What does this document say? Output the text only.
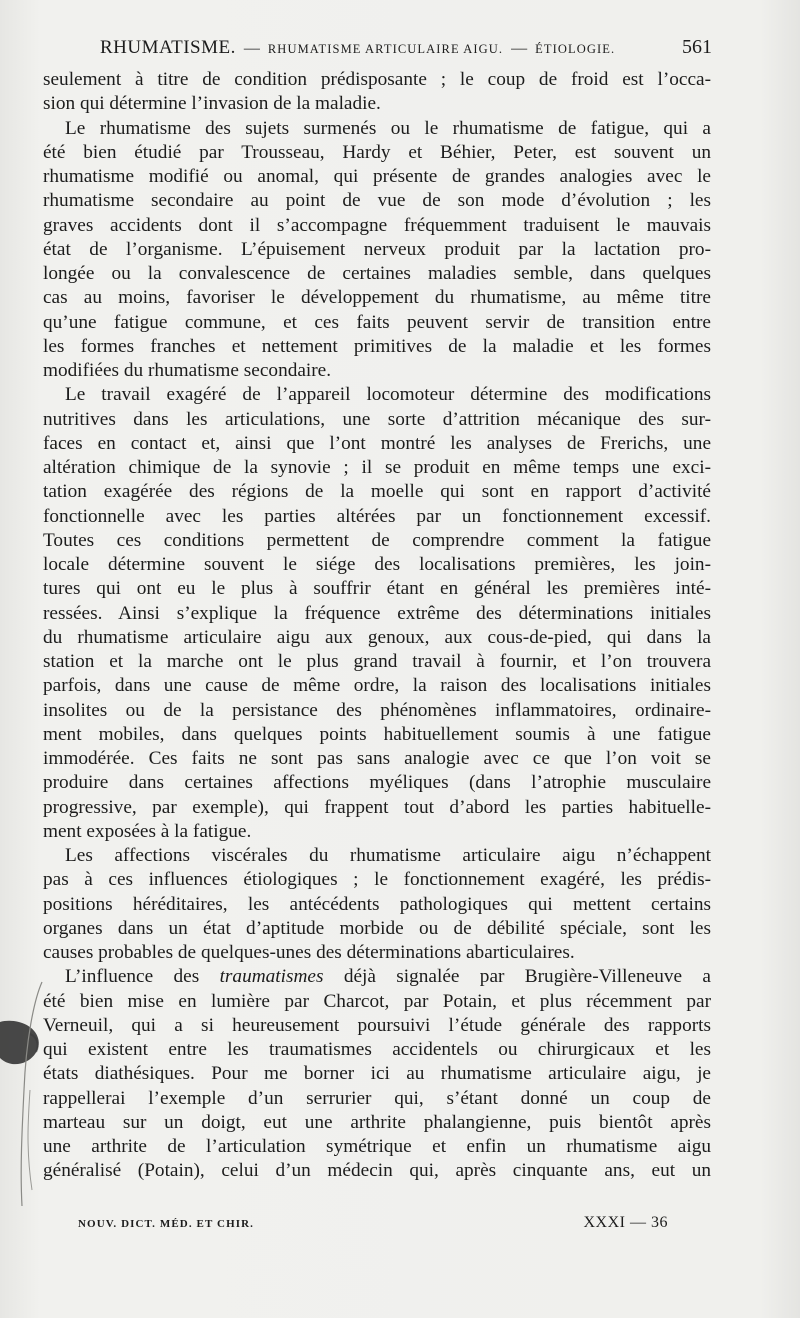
RHUMATISME. — RHUMATISME ARTICULAIRE AIGU. — ÉTIOLOGIE.	561
seulement à titre de condition prédisposante ; le coup de froid est l’occa-
sion qui détermine l’invasion de la maladie.
Le rhumatisme des sujets surmenés ou le rhumatisme de fatigue, qui a
été bien étudié par Trousseau, Hardy et Béhier, Peter, est souvent un
rhumatisme modifié ou anomal, qui présente de grandes analogies avec le
rhumatisme secondaire au point de vue de son mode d’évolution ; les
graves accidents dont il s’accompagne fréquemment traduisent le mauvais
état de l’organisme. L’épuisement nerveux produit par la lactation pro-
longée ou la convalescence de certaines maladies semble, dans quelques
cas au moins, favoriser le développement du rhumatisme, au même titre
qu’une fatigue commune, et ces faits peuvent servir de transition entre
les formes franches et nettement primitives de la maladie et les formes
modifiées du rhumatisme secondaire.
Le travail exagéré de l’appareil locomoteur détermine des modifications
nutritives dans les articulations, une sorte d’attrition mécanique des sur-
faces en contact et, ainsi que l’ont montré les analyses de Frerichs, une
altération chimique de la synovie ; il se produit en même temps une exci-
tation exagérée des régions de la moelle qui sont en rapport d’activité
fonctionnelle avec les parties altérées par un fonctionnement excessif.
Toutes ces conditions permettent de comprendre comment la fatigue
locale détermine souvent le siége des localisations premières, les join-
tures qui ont eu le plus à souffrir étant en général les premières inté-
ressées. Ainsi s’explique la fréquence extrême des déterminations initiales
du rhumatisme articulaire aigu aux genoux, aux cous-de-pied, qui dans la
station et la marche ont le plus grand travail à fournir, et l’on trouvera
parfois, dans une cause de même ordre, la raison des localisations initiales
insolites ou de la persistance des phénomènes inflammatoires, ordinaire-
ment mobiles, dans quelques points habituellement soumis à une fatigue
immodérée. Ces faits ne sont pas sans analogie avec ce que l’on voit se
produire dans certaines affections myéliques (dans l’atrophie musculaire
progressive, par exemple), qui frappent tout d’abord les parties habituelle-
ment exposées à la fatigue.
Les affections viscérales du rhumatisme articulaire aigu n’échappent
pas à ces influences étiologiques ; le fonctionnement exagéré, les prédis-
positions héréditaires, les antécédents pathologiques qui mettent certains
organes dans un état d’aptitude morbide ou de débilité spéciale, sont les
causes probables de quelques-unes des déterminations abarticulaires.
L’influence des traumatismes déjà signalée par Brugière-Villeneuve a
été bien mise en lumière par Charcot, par Potain, et plus récemment par
Verneuil, qui a si heureusement poursuivi l’étude générale des rapports
qui existent entre les traumatismes accidentels ou chirurgicaux et les
états diathésiques. Pour me borner ici au rhumatisme articulaire aigu, je
rappellerai l’exemple d’un serrurier qui, s’étant donné un coup de
marteau sur un doigt, eut une arthrite phalangienne, puis bientôt après
une arthrite de l’articulation symétrique et enfin un rhumatisme aigu
généralisé (Potain), celui d’un médecin qui, après cinquante ans, eut un
NOUV. DICT. MÉD. ET CHIR.	XXXI — 36
